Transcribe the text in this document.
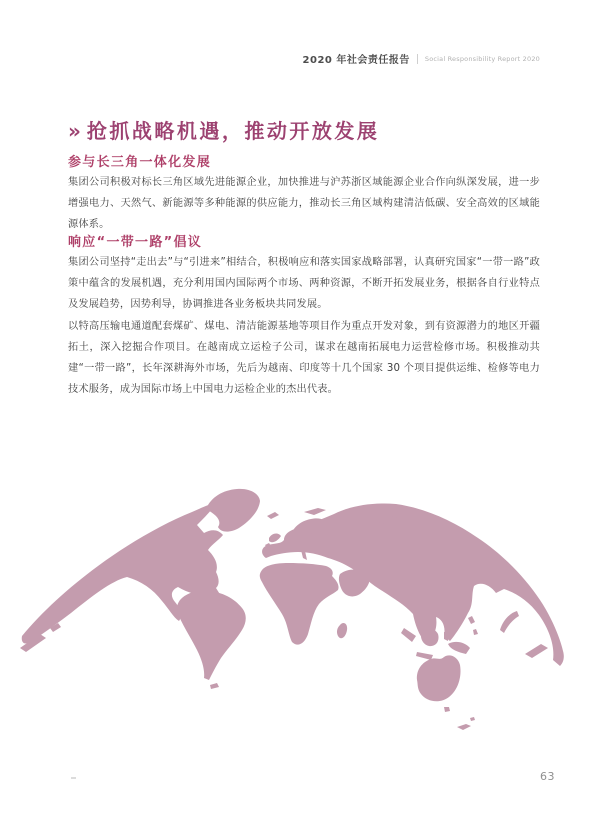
2020 年社会责任报告 Social Responsibility Report 2020
» 抢抓战略机遇，推动开放发展
参与长三角一体化发展

集团公司积极对标长三角区域先进能源企业，加快推进与沪苏浙区域能源企业合作向纵深发展，进一步增强电力、天然气、新能源等多种能源的供应能力，推动长三角区域构建清洁低碳、安全高效的区域能源体系。

响应“一带一路”倡议

集团公司坚持“走出去”与“引进来”相结合，积极响应和落实国家战略部署，认真研究国家“一带一路”政策中蕴含的发展机遇，充分利用国内国际两个市场、两种资源，不断开拓发展业务，根据各自行业特点及发展趋势，因势利导，协调推进各业务板块共同发展。

以特高压输电通道配套煤矿、煤电、清洁能源基地等项目作为重点开发对象，到有资源潜力的地区开疆拓土，深入挖掘合作项目。在越南成立运检子公司，谋求在越南拓展电力运营检修市场。积极推动共建“一带一路”，长年深耕海外市场，先后为越南、印度等十几个国家 30 个项目提供运维、检修等电力技术服务，成为国际市场上中国电力运检企业的杰出代表。

63
